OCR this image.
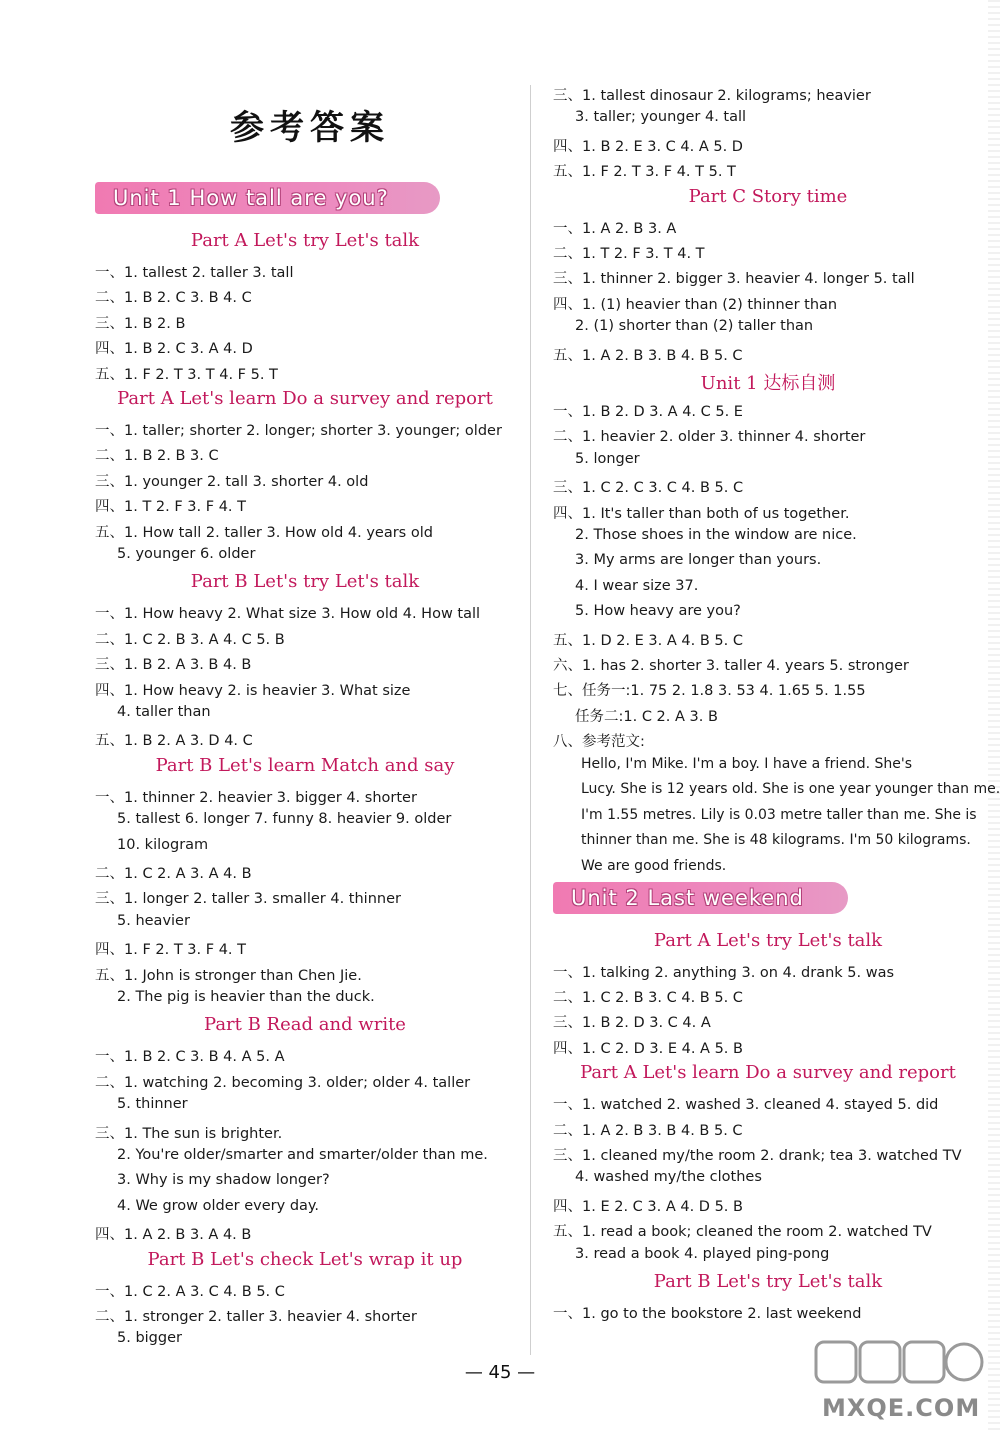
参考答案
Unit 1 How tall are you?
Part A Let's try Let's talk
一、1. tallest 2. taller 3. tall
二、1. B 2. C 3. B 4. C
三、1. B 2. B
四、1. B 2. C 3. A 4. D
五、1. F 2. T 3. T 4. F 5. T
Part A Let's learn Do a survey and report
一、1. taller; shorter 2. longer; shorter 3. younger; older
二、1. B 2. B 3. C
三、1. younger 2. tall 3. shorter 4. old
四、1. T 2. F 3. F 4. T
五、1. How tall 2. taller 3. How old 4. years old
5. younger 6. older
Part B Let's try Let's talk
一、1. How heavy 2. What size 3. How old 4. How tall
二、1. C 2. B 3. A 4. C 5. B
三、1. B 2. A 3. B 4. B
四、1. How heavy 2. is heavier 3. What size
4. taller than
五、1. B 2. A 3. D 4. C
Part B Let's learn Match and say
一、1. thinner 2. heavier 3. bigger 4. shorter
5. tallest 6. longer 7. funny 8. heavier 9. older
10. kilogram
二、1. C 2. A 3. A 4. B
三、1. longer 2. taller 3. smaller 4. thinner
5. heavier
四、1. F 2. T 3. F 4. T
五、1. John is stronger than Chen Jie.
2. The pig is heavier than the duck.
Part B Read and write
一、1. B 2. C 3. B 4. A 5. A
二、1. watching 2. becoming 3. older; older 4. taller
5. thinner
三、1. The sun is brighter.
2. You're older/smarter and smarter/older than me.
3. Why is my shadow longer?
4. We grow older every day.
四、1. A 2. B 3. A 4. B
Part B Let's check Let's wrap it up
一、1. C 2. A 3. C 4. B 5. C
二、1. stronger 2. taller 3. heavier 4. shorter
5. bigger
三、1. tallest dinosaur 2. kilograms; heavier
3. taller; younger 4. tall
四、1. B 2. E 3. C 4. A 5. D
五、1. F 2. T 3. F 4. T 5. T
Part C Story time
一、1. A 2. B 3. A
二、1. T 2. F 3. T 4. T
三、1. thinner 2. bigger 3. heavier 4. longer 5. tall
四、1. (1) heavier than (2) thinner than
2. (1) shorter than (2) taller than
五、1. A 2. B 3. B 4. B 5. C
Unit 1 达标自测
一、1. B 2. D 3. A 4. C 5. E
二、1. heavier 2. older 3. thinner 4. shorter
5. longer
三、1. C 2. C 3. C 4. B 5. C
四、1. It's taller than both of us together.
2. Those shoes in the window are nice.
3. My arms are longer than yours.
4. I wear size 37.
5. How heavy are you?
五、1. D 2. E 3. A 4. B 5. C
六、1. has 2. shorter 3. taller 4. years 5. stronger
七、任务一:1. 75 2. 1.8 3. 53 4. 1.65 5. 1.55
任务二:1. C 2. A 3. B
八、参考范文:
Hello, I'm Mike. I'm a boy. I have a friend. She's
Lucy. She is 12 years old. She is one year younger than me.
I'm 1.55 metres. Lily is 0.03 metre taller than me. She is
thinner than me. She is 48 kilograms. I'm 50 kilograms.
We are good friends.
Unit 2 Last weekend
Part A Let's try Let's talk
一、1. talking 2. anything 3. on 4. drank 5. was
二、1. C 2. B 3. C 4. B 5. C
三、1. B 2. D 3. C 4. A
四、1. C 2. D 3. E 4. A 5. B
Part A Let's learn Do a survey and report
一、1. watched 2. washed 3. cleaned 4. stayed 5. did
二、1. A 2. B 3. B 4. B 5. C
三、1. cleaned my/the room 2. drank; tea 3. watched TV
4. washed my/the clothes
四、1. E 2. C 3. A 4. D 5. B
五、1. read a book; cleaned the room 2. watched TV
3. read a book 4. played ping-pong
Part B Let's try Let's talk
一、1. go to the bookstore 2. last weekend
— 45 —
MXQE.COM
